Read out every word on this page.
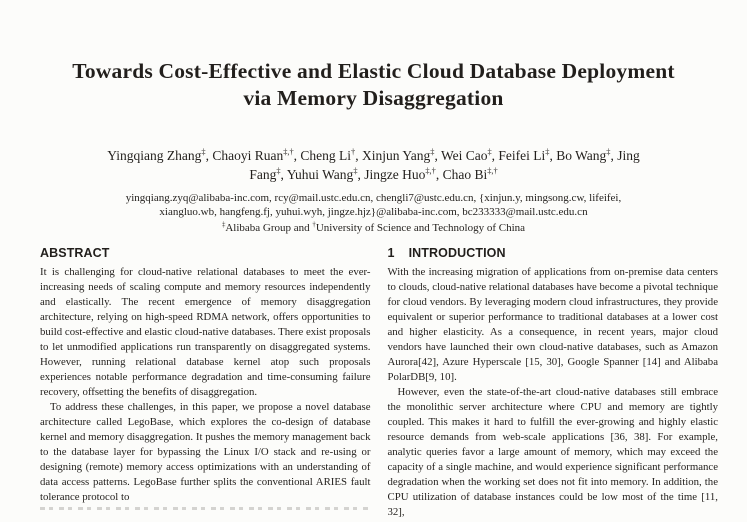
Towards Cost-Effective and Elastic Cloud Database Deployment
via Memory Disaggregation
Yingqiang Zhang‡, Chaoyi Ruan‡,†, Cheng Li†, Xinjun Yang‡, Wei Cao‡, Feifei Li‡, Bo Wang‡, Jing
Fang‡, Yuhui Wang‡, Jingze Huo‡,†, Chao Bi‡,†
yingqiang.zyq@alibaba-inc.com, rcy@mail.ustc.edu.cn, chengli7@ustc.edu.cn, {xinjun.y, mingsong.cw, lifeifei,
xiangluo.wb, hangfeng.fj, yuhui.wyh, jingze.hjz}@alibaba-inc.com, bc233333@mail.ustc.edu.cn
‡Alibaba Group and †University of Science and Technology of China
ABSTRACT

It is challenging for cloud-native relational databases to meet the ever-increasing needs of scaling compute and memory resources independently and elastically. The recent emergence of memory disaggregation architecture, relying on high-speed RDMA network, offers opportunities to build cost-effective and elastic cloud-native databases. There exist proposals to let unmodified applications run transparently on disaggregated systems. However, running relational database kernel atop such proposals experiences notable performance degradation and time-consuming failure recovery, offsetting the benefits of disaggregation.

To address these challenges, in this paper, we propose a novel database architecture called LegoBase, which explores the co-design of database kernel and memory disaggregation. It pushes the memory management back to the database layer for bypassing the Linux I/O stack and re-using or designing (remote) memory access optimizations with an understanding of data access patterns. LegoBase further splits the conventional ARIES fault tolerance protocol to

1 INTRODUCTION

With the increasing migration of applications from on-premise data centers to clouds, cloud-native relational databases have become a pivotal technique for cloud vendors. By leveraging modern cloud infrastructures, they provide equivalent or superior performance to traditional databases at a lower cost and higher elasticity. As a consequence, in recent years, major cloud vendors have launched their own cloud-native databases, such as Amazon Aurora[42], Azure Hyperscale [15, 30], Google Spanner [14] and Alibaba PolarDB[9, 10].

However, even the state-of-the-art cloud-native databases still embrace the monolithic server architecture where CPU and memory are tightly coupled. This makes it hard to fulfill the ever-growing and highly elastic resource demands from web-scale applications [36, 38]. For example, analytic queries favor a large amount of memory, which may exceed the capacity of a single machine, and would experience significant performance degradation when the working set does not fit into memory. In addition, the CPU utilization of database instances could be low most of the time [11, 32],
